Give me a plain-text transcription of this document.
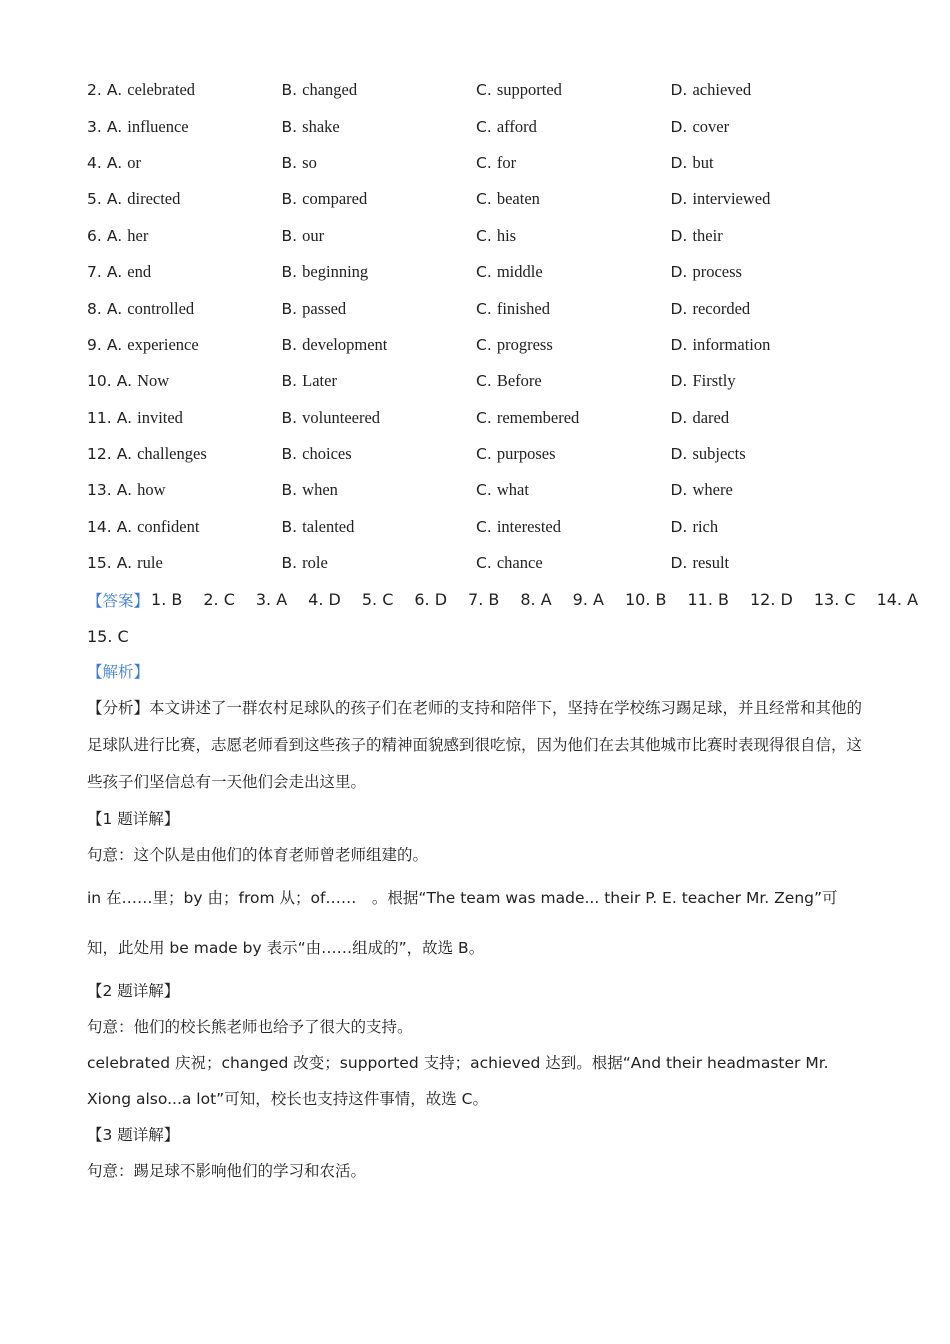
2. A. celebrated	B. changed	C. supported	D. achieved
3. A. influence	B. shake	C. afford	D. cover
4. A. or	B. so	C. for	D. but
5. A. directed	B. compared	C. beaten	D. interviewed
6. A. her	B. our	C. his	D. their
7. A. end	B. beginning	C. middle	D. process
8. A. controlled	B. passed	C. finished	D. recorded
9. A. experience	B. development	C. progress	D. information
10. A. Now	B. Later	C. Before	D. Firstly
11. A. invited	B. volunteered	C. remembered	D. dared
12. A. challenges	B. choices	C. purposes	D. subjects
13. A. how	B. when	C. what	D. where
14. A. confident	B. talented	C. interested	D. rich
15. A. rule	B. role	C. chance	D. result
【答案】 1. B 2. C 3. A 4. D 5. C 6. D 7. B 8. A 9. A 10. B 11. B 12. D 13. C 14. A
15. C
【解析】
【分析】本文讲述了一群农村足球队的孩子们在老师的支持和陪伴下，坚持在学校练习踢足球，并且经常和其他的足球队进行比赛，志愿老师看到这些孩子的精神面貌感到很吃惊，因为他们在去其他城市比赛时表现得很自信，这些孩子们坚信总有一天他们会走出这里。
【1 题详解】
句意：这个队是由他们的体育老师曾老师组建的。
in 在……里；by 由；from 从；of……　。根据“The team was made... their P. E. teacher Mr. Zeng”可
知，此处用 be made by 表示“由……组成的”，故选 B。
【2 题详解】
句意：他们的校长熊老师也给予了很大的支持。
celebrated 庆祝；changed 改变；supported 支持；achieved 达到。根据“And their headmaster Mr.
Xiong also...a lot”可知，校长也支持这件事情，故选 C。
【3 题详解】
句意：踢足球不影响他们的学习和农活。
